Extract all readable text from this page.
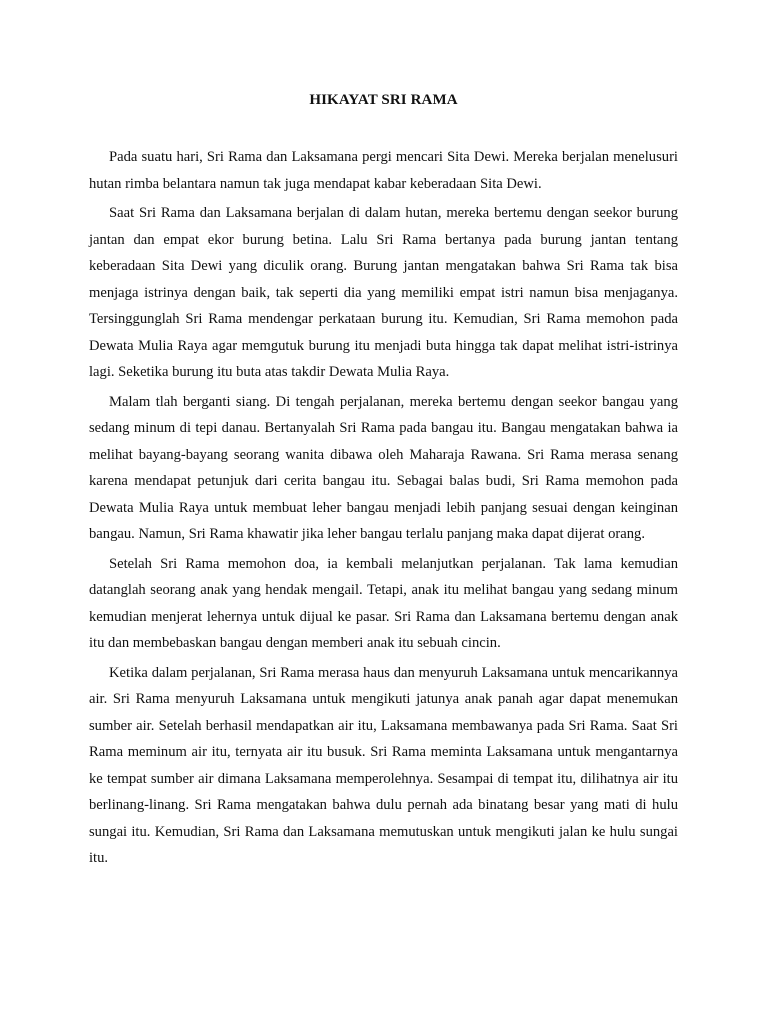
HIKAYAT SRI RAMA

Pada suatu hari, Sri Rama dan Laksamana pergi mencari Sita Dewi. Mereka berjalan menelusuri hutan rimba belantara namun tak juga mendapat kabar keberadaan Sita Dewi.

Saat Sri Rama dan Laksamana berjalan di dalam hutan, mereka bertemu dengan seekor burung jantan dan empat ekor burung betina. Lalu Sri Rama bertanya pada burung jantan tentang keberadaan Sita Dewi yang diculik orang. Burung jantan mengatakan bahwa Sri Rama tak bisa menjaga istrinya dengan baik, tak seperti dia yang memiliki empat istri namun bisa menjaganya. Tersinggunglah Sri Rama mendengar perkataan burung itu. Kemudian, Sri Rama memohon pada Dewata Mulia Raya agar memgutuk burung itu menjadi buta hingga tak dapat melihat istri-istrinya lagi. Seketika burung itu buta atas takdir Dewata Mulia Raya.

Malam tlah berganti siang. Di tengah perjalanan, mereka bertemu dengan seekor bangau yang sedang minum di tepi danau. Bertanyalah Sri Rama pada bangau itu. Bangau mengatakan bahwa ia melihat bayang-bayang seorang wanita dibawa oleh Maharaja Rawana. Sri Rama merasa senang karena mendapat petunjuk dari cerita bangau itu. Sebagai balas budi, Sri Rama memohon pada Dewata Mulia Raya untuk membuat leher bangau menjadi lebih panjang sesuai dengan keinginan bangau. Namun, Sri Rama khawatir jika leher bangau terlalu panjang maka dapat dijerat orang.

Setelah Sri Rama memohon doa, ia kembali melanjutkan perjalanan. Tak lama kemudian datanglah seorang anak yang hendak mengail. Tetapi, anak itu melihat bangau yang sedang minum kemudian menjerat lehernya untuk dijual ke pasar. Sri Rama dan Laksamana bertemu dengan anak itu dan membebaskan bangau dengan memberi anak itu sebuah cincin.

Ketika dalam perjalanan, Sri Rama merasa haus dan menyuruh Laksamana untuk mencarikannya air. Sri Rama menyuruh Laksamana untuk mengikuti jatunya anak panah agar dapat menemukan sumber air. Setelah berhasil mendapatkan air itu, Laksamana membawanya pada Sri Rama. Saat Sri Rama meminum air itu, ternyata air itu busuk. Sri Rama meminta Laksamana untuk mengantarnya ke tempat sumber air dimana Laksamana memperolehnya. Sesampai di tempat itu, dilihatnya air itu berlinang-linang. Sri Rama mengatakan bahwa dulu pernah ada binatang besar yang mati di hulu sungai itu. Kemudian, Sri Rama dan Laksamana memutuskan untuk mengikuti jalan ke hulu sungai itu.
